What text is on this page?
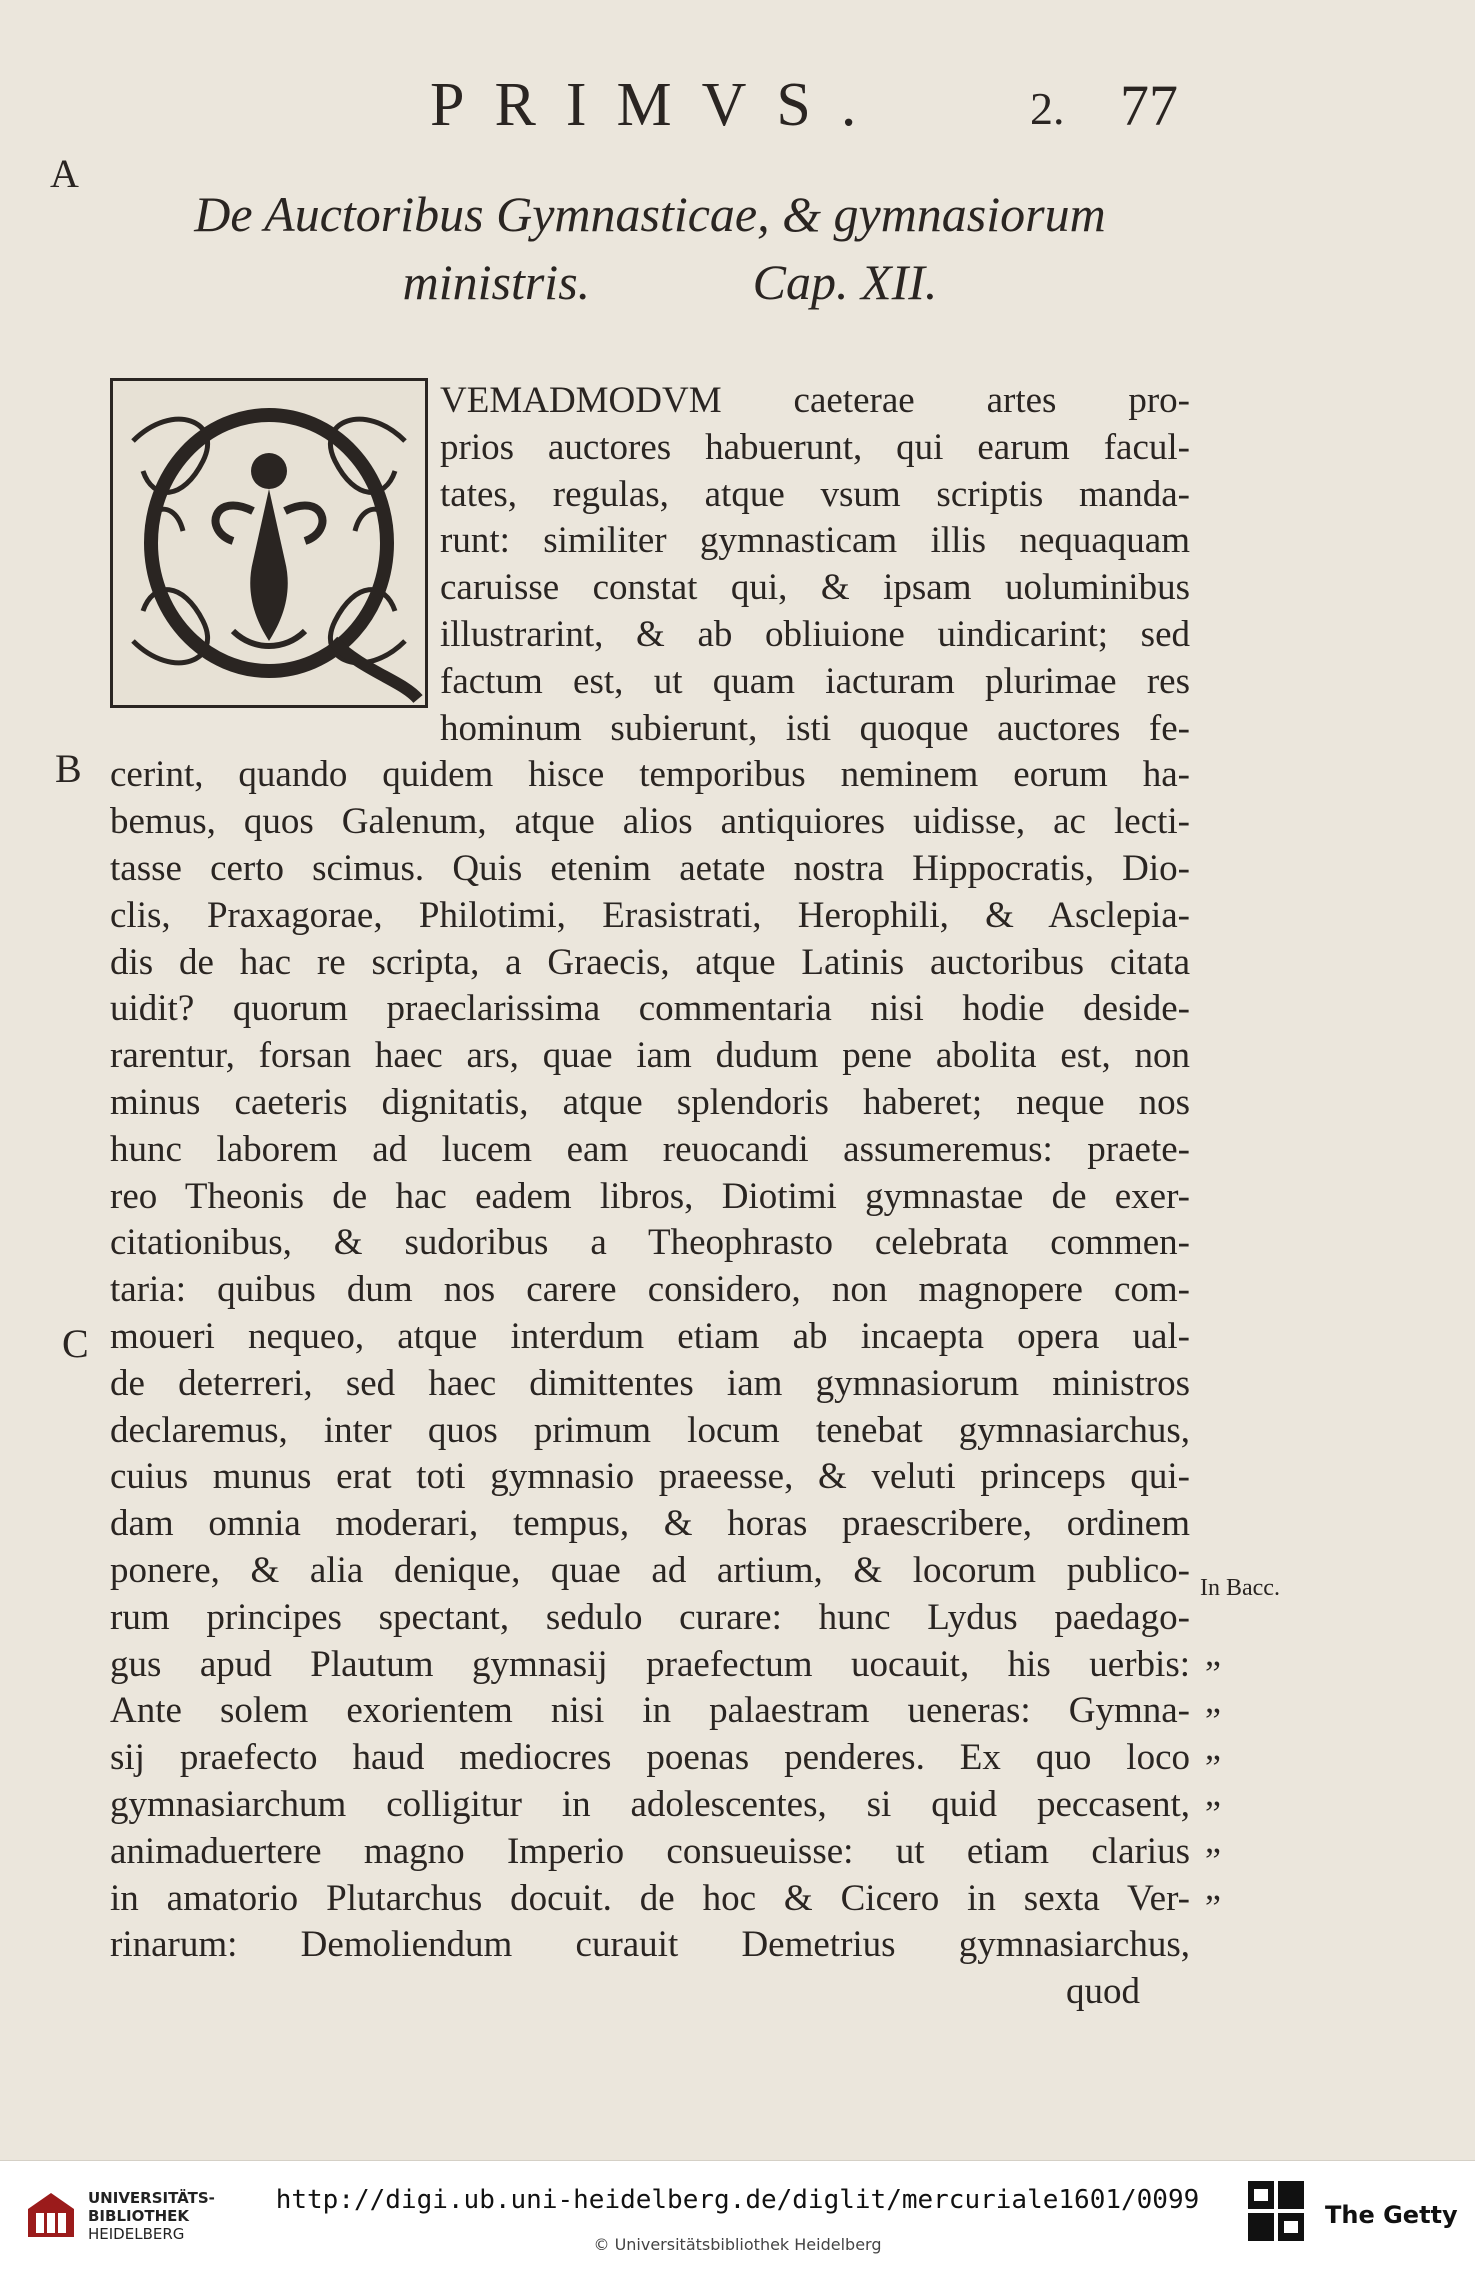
PRIMVS.	2. 77
A
B
C
De Auctoribus Gymnasticae, & gymnasiorum
ministris.	Cap. XII.
VEMADMODVM caeterae artes pro-
prios auctores habuerunt, qui earum facul-
tates, regulas, atque vsum scriptis manda-
runt: similiter gymnasticam illis nequaquam
caruisse constat qui, & ipsam uoluminibus
illustrarint, & ab obliuione uindicarint; sed
factum est, ut quam iacturam plurimae res
hominum subierunt, isti quoque auctores fe-
cerint, quando quidem hisce temporibus neminem eorum ha-
bemus, quos Galenum, atque alios antiquiores uidisse, ac lecti-
tasse certo scimus. Quis etenim aetate nostra Hippocratis, Dio-
clis, Praxagorae, Philotimi, Erasistrati, Herophili, & Asclepia-
dis de hac re scripta, a Graecis, atque Latinis auctoribus citata
uidit? quorum praeclarissima commentaria nisi hodie deside-
rarentur, forsan haec ars, quae iam dudum pene abolita est, non
minus caeteris dignitatis, atque splendoris haberet; neque nos
hunc laborem ad lucem eam reuocandi assumeremus: praete-
reo Theonis de hac eadem libros, Diotimi gymnastae de exer-
citationibus, & sudoribus a Theophrasto celebrata commen-
taria: quibus dum nos carere considero, non magnopere com-
moueri nequeo, atque interdum etiam ab incaepta opera ual-
de deterreri, sed haec dimittentes iam gymnasiorum ministros
declaremus, inter quos primum locum tenebat gymnasiarchus,
cuius munus erat toti gymnasio praeesse, & veluti princeps qui-
dam omnia moderari, tempus, & horas praescribere, ordinem
ponere, & alia denique, quae ad artium, & locorum publico-
rum principes spectant, sedulo curare: hunc Lydus paedago-
gus apud Plautum gymnasij praefectum uocauit, his uerbis:
Ante solem exorientem nisi in palaestram ueneras: Gymna-
sij praefecto haud mediocres poenas penderes. Ex quo loco
gymnasiarchum colligitur in adolescentes, si quid peccasent,
animaduertere magno Imperio consueuisse: ut etiam clarius
in amatorio Plutarchus docuit. de hoc & Cicero in sexta Ver-
rinarum: Demoliendum curauit Demetrius gymnasiarchus,
quod
In Bacc.
„
„
„
„
„
„
UNIVERSITÄTS-
BIBLIOTHEK
HEIDELBERG
http://digi.ub.uni-heidelberg.de/diglit/mercuriale1601/0099
© Universitätsbibliothek Heidelberg
The Getty
